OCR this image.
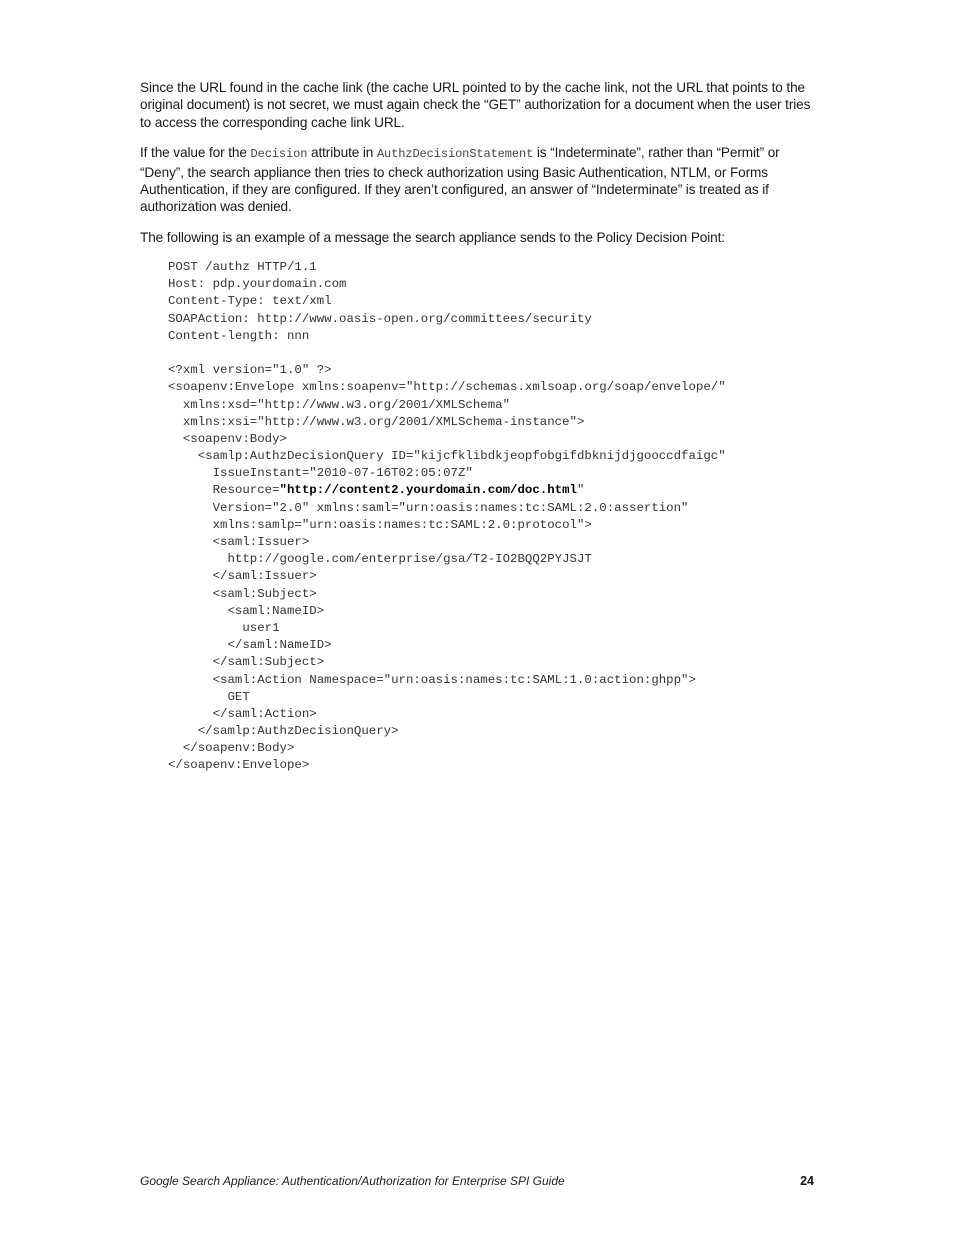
Since the URL found in the cache link (the cache URL pointed to by the cache link, not the URL that points to the original document) is not secret, we must again check the “GET” authorization for a document when the user tries to access the corresponding cache link URL.

If the value for the Decision attribute in AuthzDecisionStatement is “Indeterminate”, rather than “Permit” or “Deny”, the search appliance then tries to check authorization using Basic Authentication, NTLM, or Forms Authentication, if they are configured. If they aren’t configured, an answer of “Indeterminate” is treated as if authorization was denied.

The following is an example of a message the search appliance sends to the Policy Decision Point:

POST /authz HTTP/1.1
Host: pdp.yourdomain.com
Content-Type: text/xml
SOAPAction: http://www.oasis-open.org/committees/security
Content-length: nnn
<?xml version="1.0" ?>
<soapenv:Envelope xmlns:soapenv="http://schemas.xmlsoap.org/soap/envelope/"
xmlns:xsd="http://www.w3.org/2001/XMLSchema"
xmlns:xsi="http://www.w3.org/2001/XMLSchema-instance">
<soapenv:Body>
<samlp:AuthzDecisionQuery ID="kijcfklibdkjeopfobgifdbknijdjgooccdfaigc"
IssueInstant="2010-07-16T02:05:07Z"
Resource="http://content2.yourdomain.com/doc.html"
Version="2.0" xmlns:saml="urn:oasis:names:tc:SAML:2.0:assertion"
xmlns:samlp="urn:oasis:names:tc:SAML:2.0:protocol">
<saml:Issuer>
http://google.com/enterprise/gsa/T2-IO2BQQ2PYJSJT
</saml:Issuer>
<saml:Subject>
<saml:NameID>
user1
</saml:NameID>
</saml:Subject>
<saml:Action Namespace="urn:oasis:names:tc:SAML:1.0:action:ghpp">
GET
</saml:Action>
</samlp:AuthzDecisionQuery>
</soapenv:Body>
</soapenv:Envelope>
Google Search Appliance: Authentication/Authorization for Enterprise SPI Guide	24
